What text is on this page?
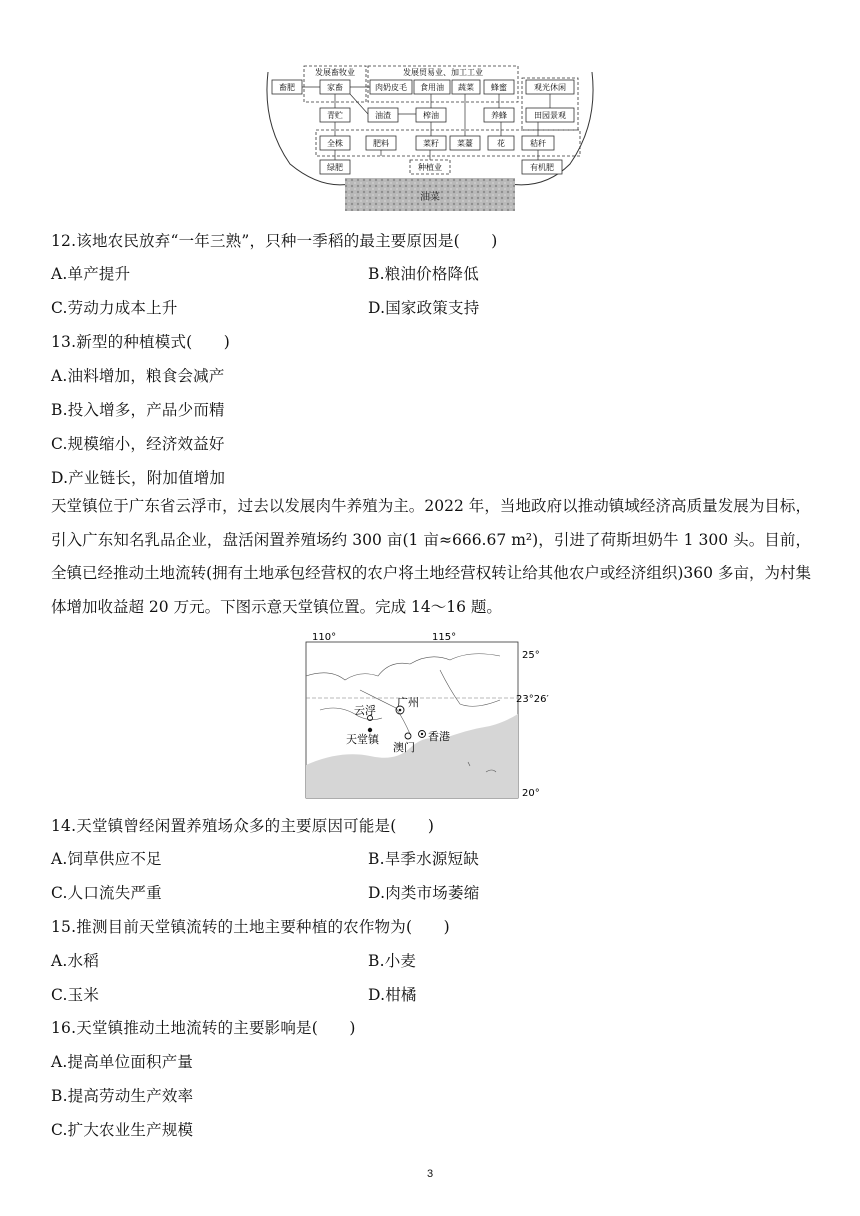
发展畜牧业	发展贸易业、加工工业
畜肥	家畜	肉奶皮毛 食用油 蔬菜 蜂蜜	观光休闲
青贮	油渣	榨油	养蜂	田园景观
全株	肥料	菜籽 菜薹	花	秸秆
绿肥	种植业	有机肥
油菜
12.该地农民放弃“一年三熟”，只种一季稻的最主要原因是(　　)
A.单产提升	B.粮油价格降低
C.劳动力成本上升	D.国家政策支持
13.新型的种植模式(　　)
A.油料增加，粮食会减产
B.投入增多，产品少而精
C.规模缩小，经济效益好
D.产业链长，附加值增加
天堂镇位于广东省云浮市，过去以发展肉牛养殖为主。2022 年，当地政府以推动镇域经济高质量发展为目标，引入广东知名乳品企业，盘活闲置养殖场约 300 亩(1 亩≈666.67 m²)，引进了荷斯坦奶牛 1 300 头。目前，全镇已经推动土地流转(拥有土地承包经营权的农户将土地经营权转让给其他农户或经济组织)360 多亩，为村集体增加收益超 20 万元。下图示意天堂镇位置。完成 14～16 题。
110°	115°
25°
23°26′
20°
广州
云浮
天堂镇
澳门
香港
14.天堂镇曾经闲置养殖场众多的主要原因可能是(　　)
A.饲草供应不足	B.旱季水源短缺
C.人口流失严重	D.肉类市场萎缩
15.推测目前天堂镇流转的土地主要种植的农作物为(　　)
A.水稻	B.小麦
C.玉米	D.柑橘
16.天堂镇推动土地流转的主要影响是(　　)
A.提高单位面积产量
B.提高劳动生产效率
C.扩大农业生产规模
3
